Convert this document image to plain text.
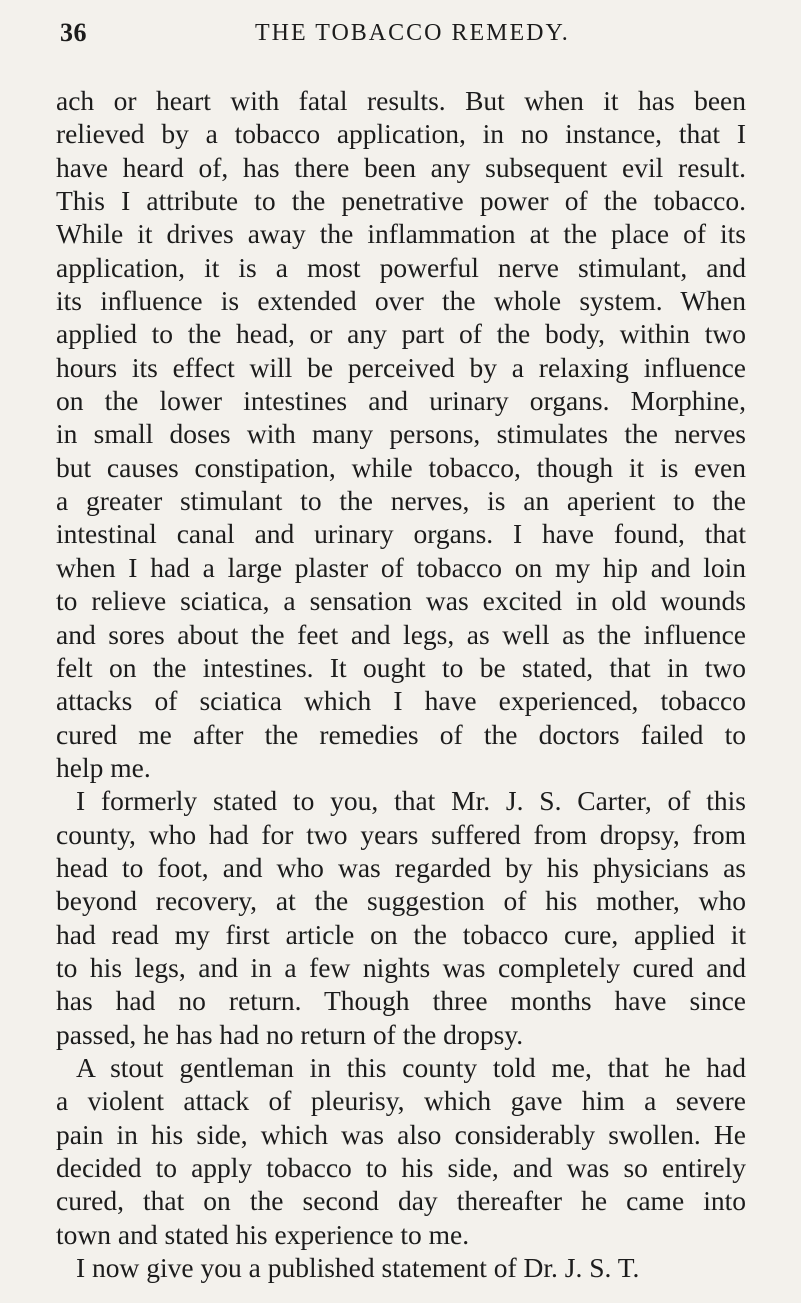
36	THE TOBACCO REMEDY.
ach or heart with fatal results. But when it has been
relieved by a tobacco application, in no instance, that I
have heard of, has there been any subsequent evil result.
This I attribute to the penetrative power of the tobacco.
While it drives away the inflammation at the place of its
application, it is a most powerful nerve stimulant, and
its influence is extended over the whole system. When
applied to the head, or any part of the body, within two
hours its effect will be perceived by a relaxing influence
on the lower intestines and urinary organs. Morphine,
in small doses with many persons, stimulates the nerves
but causes constipation, while tobacco, though it is even
a greater stimulant to the nerves, is an aperient to the
intestinal canal and urinary organs. I have found, that
when I had a large plaster of tobacco on my hip and loin
to relieve sciatica, a sensation was excited in old wounds
and sores about the feet and legs, as well as the influence
felt on the intestines. It ought to be stated, that in two
attacks of sciatica which I have experienced, tobacco
cured me after the remedies of the doctors failed to
help me.
I formerly stated to you, that Mr. J. S. Carter, of this
county, who had for two years suffered from dropsy, from
head to foot, and who was regarded by his physicians as
beyond recovery, at the suggestion of his mother, who
had read my first article on the tobacco cure, applied it
to his legs, and in a few nights was completely cured and
has had no return. Though three months have since
passed, he has had no return of the dropsy.
A stout gentleman in this county told me, that he had
a violent attack of pleurisy, which gave him a severe
pain in his side, which was also considerably swollen. He
decided to apply tobacco to his side, and was so entirely
cured, that on the second day thereafter he came into
town and stated his experience to me.
I now give you a published statement of Dr. J. S. T.
